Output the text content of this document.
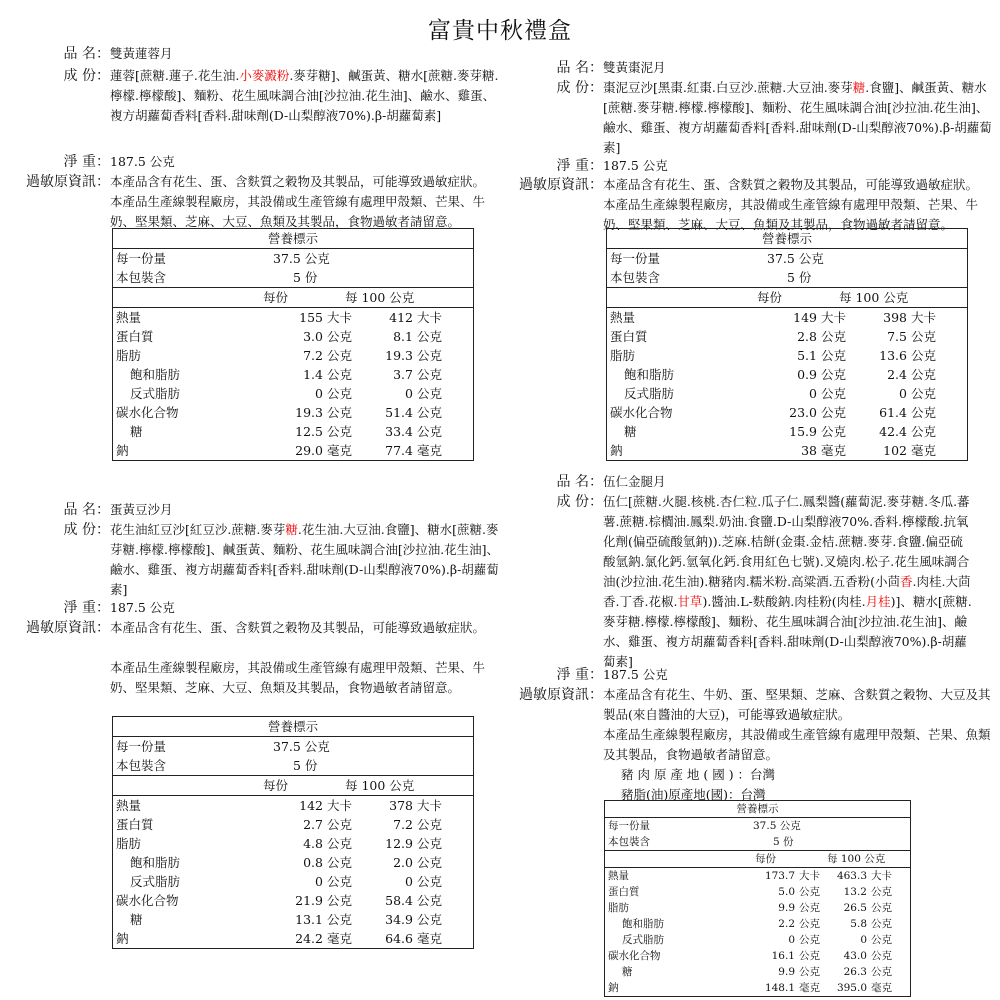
富貴中秋禮盒
品 名： 雙黃蓮蓉月
成 份： 蓮蓉[蔗糖.蓮子.花生油.小麥澱粉.麥芽糖]、鹹蛋黃、糖水[蔗糖.麥芽糖.檸檬.檸檬酸]、麵粉、花生風味調合油[沙拉油.花生油]、鹼水、雞蛋、複方胡蘿蔔香料[香料.甜味劑(D-山梨醇液70%).β-胡蘿蔔素]
淨 重： 187.5 公克
過敏原資訊： 本產品含有花生、蛋、含麩質之穀物及其製品，可能導致過敏症狀。
本產品生產線製程廠房，其設備或生產管線有處理甲殼類、芒果、牛奶、堅果類、芝麻、大豆、魚類及其製品，食物過敏者請留意。
營養標示
每一份量	37.5 公克
本包裝含	5 份
每份	每 100 公克
熱量	155 大卡	412 大卡
蛋白質	3.0 公克	8.1 公克
脂肪	7.2 公克	19.3 公克
飽和脂肪	1.4 公克	3.7 公克
反式脂肪	0 公克	0 公克
碳水化合物	19.3 公克	51.4 公克
糖	12.5 公克	33.4 公克
鈉	29.0 毫克	77.4 毫克
品 名： 雙黃棗泥月
成 份： 棗泥豆沙[黑棗.紅棗.白豆沙.蔗糖.大豆油.麥芽糖.食鹽]、鹹蛋黃、糖水[蔗糖.麥芽糖.檸檬.檸檬酸]、麵粉、花生風味調合油[沙拉油.花生油]、鹼水、雞蛋、複方胡蘿蔔香料[香料.甜味劑(D-山梨醇液70%).β-胡蘿蔔素]
淨 重： 187.5 公克
過敏原資訊： 本產品含有花生、蛋、含麩質之穀物及其製品，可能導致過敏症狀。
本產品生產線製程廠房，其設備或生產管線有處理甲殼類、芒果、牛奶、堅果類、芝麻、大豆、魚類及其製品，食物過敏者請留意。
營養標示
每一份量	37.5 公克
本包裝含	5 份
每份	每 100 公克
熱量	149 大卡	398 大卡
蛋白質	2.8 公克	7.5 公克
脂肪	5.1 公克	13.6 公克
飽和脂肪	0.9 公克	2.4 公克
反式脂肪	0 公克	0 公克
碳水化合物	23.0 公克	61.4 公克
糖	15.9 公克	42.4 公克
鈉	38 毫克	102 毫克
品 名： 蛋黃豆沙月
成 份： 花生油紅豆沙[紅豆沙.蔗糖.麥芽糖.花生油.大豆油.食鹽]、糖水[蔗糖.麥芽糖.檸檬.檸檬酸]、鹹蛋黃、麵粉、花生風味調合油[沙拉油.花生油]、鹼水、雞蛋、複方胡蘿蔔香料[香料.甜味劑(D-山梨醇液70%).β-胡蘿蔔素]
淨 重： 187.5 公克
過敏原資訊： 本產品含有花生、蛋、含麩質之穀物及其製品，可能導致過敏症狀。

本產品生產線製程廠房，其設備或生產管線有處理甲殼類、芒果、牛奶、堅果類、芝麻、大豆、魚類及其製品，食物過敏者請留意。
營養標示
每一份量	37.5 公克
本包裝含	5 份
每份	每 100 公克
熱量	142 大卡	378 大卡
蛋白質	2.7 公克	7.2 公克
脂肪	4.8 公克	12.9 公克
飽和脂肪	0.8 公克	2.0 公克
反式脂肪	0 公克	0 公克
碳水化合物	21.9 公克	58.4 公克
糖	13.1 公克	34.9 公克
鈉	24.2 毫克	64.6 毫克
品 名： 伍仁金腿月
成 份： 伍仁[蔗糖.火腿.核桃.杏仁粒.瓜子仁.鳳梨醬(蘿蔔泥.麥芽糖.冬瓜.蕃薯.蔗糖.棕櫚油.鳳梨.奶油.食鹽.D-山梨醇液70%.香料.檸檬酸.抗氧化劑(偏亞硫酸氫鈉)).芝麻.桔餅(金棗.金桔.蔗糖.麥芽.食鹽.偏亞硫酸氫鈉.氯化鈣.氫氧化鈣.食用紅色七號).叉燒肉.松子.花生風味調合油(沙拉油.花生油).糖豬肉.糯米粉.高粱酒.五香粉(小茴香.肉桂.大茴香.丁香.花椒.甘草).醬油.L-麩酸鈉.肉桂粉(肉桂.月桂)]、糖水[蔗糖.麥芽糖.檸檬.檸檬酸]、麵粉、花生風味調合油[沙拉油.花生油]、鹼水、雞蛋、複方胡蘿蔔香料[香料.甜味劑(D-山梨醇液70%).β-胡蘿蔔素]
淨 重： 187.5 公克
過敏原資訊： 本產品含有花生、牛奶、蛋、堅果類、芝麻、含麩質之穀物、大豆及其製品(來自醬油的大豆)，可能導致過敏症狀。
本產品生產線製程廠房，其設備或生產管線有處理甲殼類、芒果、魚類及其製品，食物過敏者請留意。
豬 肉 原 產 地 ( 國 ) ：台灣
豬脂(油)原產地(國)：台灣
營養標示
每一份量	37.5 公克
本包裝含	5 份
每份	每 100 公克
熱量	173.7 大卡 463.3 大卡
蛋白質	5.0 公克 13.2 公克
脂肪	9.9 公克 26.5 公克
飽和脂肪	2.2 公克	5.8 公克
反式脂肪	0 公克	0 公克
碳水化合物	16.1 公克 43.0 公克
糖	9.9 公克 26.3 公克
鈉	148.1 毫克 395.0 毫克
